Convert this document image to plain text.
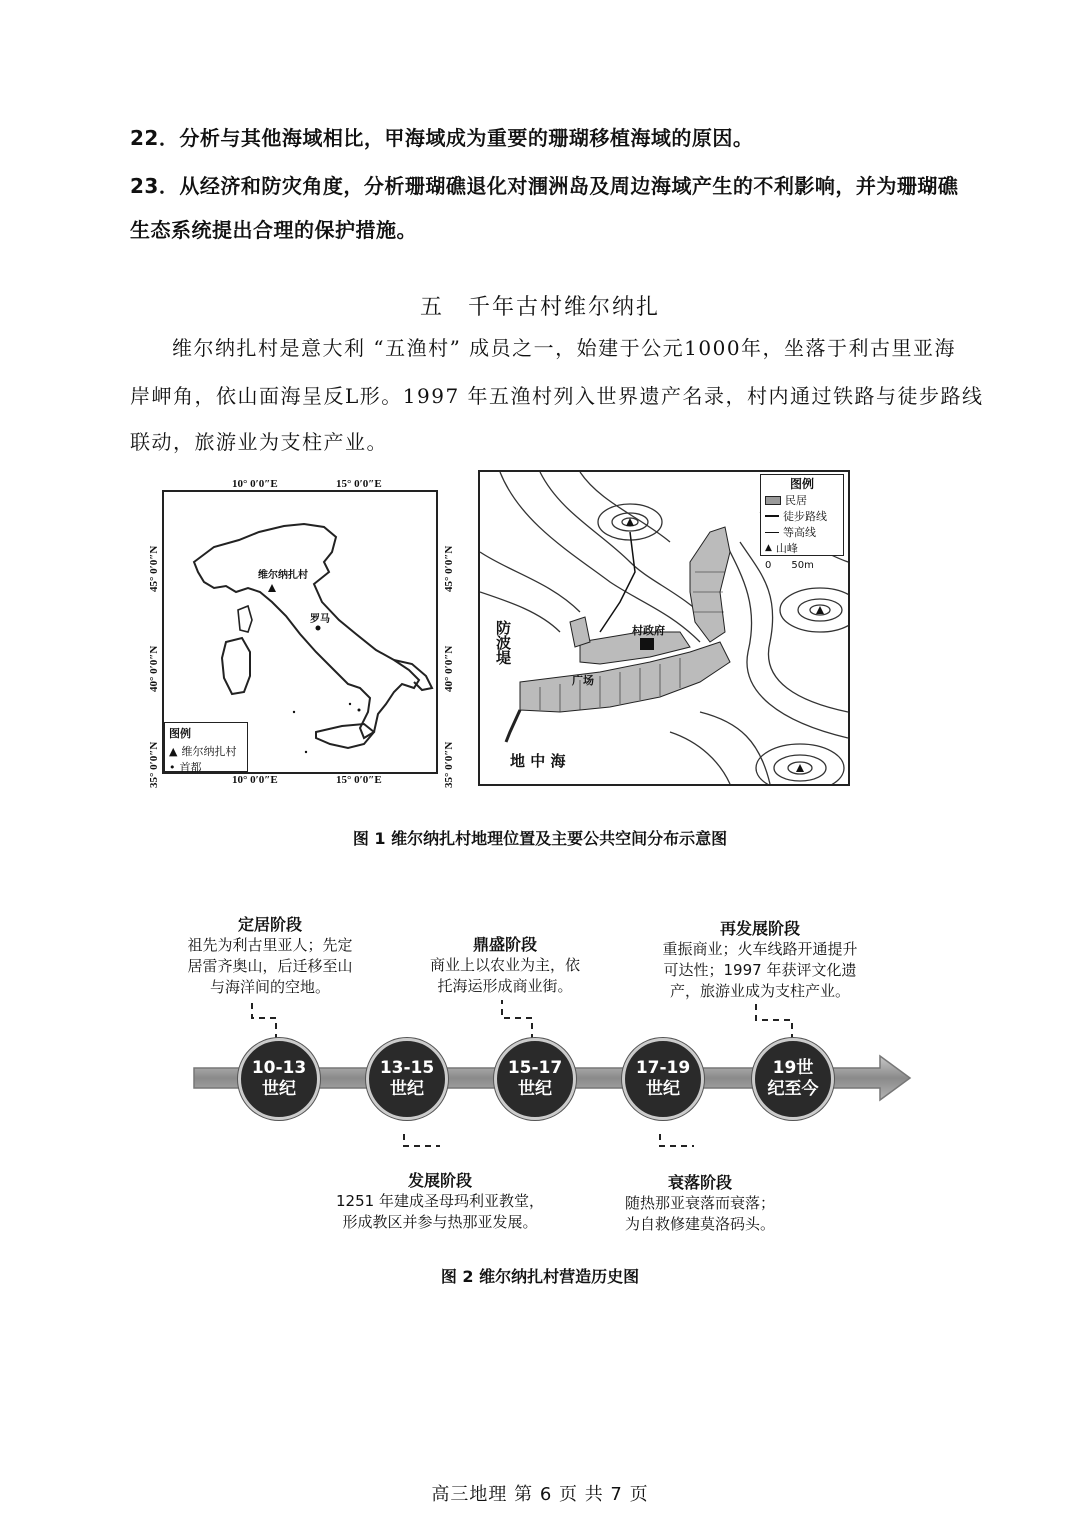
22．分析与其他海域相比，甲海域成为重要的珊瑚移植海域的原因。
23．从经济和防灾角度，分析珊瑚礁退化对涠洲岛及周边海域产生的不利影响，并为珊瑚礁
生态系统提出合理的保护措施。
五　千年古村维尔纳扎
维尔纳扎村是意大利 “五渔村” 成员之一，始建于公元1000年，坐落于利古里亚海
岸岬角，依山面海呈反L形。1997 年五渔村列入世界遗产名录，村内通过铁路与徒步路线
联动，旅游业为支柱产业。
10° 0′0″E	15° 0′0″E
10° 0′0″E	15° 0′0″E
45° 0′0″N
40° 0′0″N
35° 0′0″N
45° 0′0″N
40° 0′0″N
35° 0′0″N
维尔纳扎村
罗马
图例
▲ 维尔纳扎村
• 首都
防波堤	村政府
广场
地 中 海
图例
民居
徒步路线
等高线
▲ 山峰
0　　50m
图 1 维尔纳扎村地理位置及主要公共空间分布示意图
10-13
世纪
13-15
世纪
15-17
世纪
17-19
世纪
19世
纪至今
定居阶段
祖先为利古里亚人；先定
居雷齐奥山，后迁移至山
与海洋间的空地。
发展阶段
1251 年建成圣母玛利亚教堂，
形成教区并参与热那亚发展。
鼎盛阶段
商业上以农业为主，依
托海运形成商业街。
衰落阶段
随热那亚衰落而衰落；
为自救修建莫洛码头。
再发展阶段
重振商业；火车线路开通提升
可达性；1997 年获评文化遗
产，旅游业成为支柱产业。
图 2 维尔纳扎村营造历史图
高三地理 第 6 页 共 7 页
